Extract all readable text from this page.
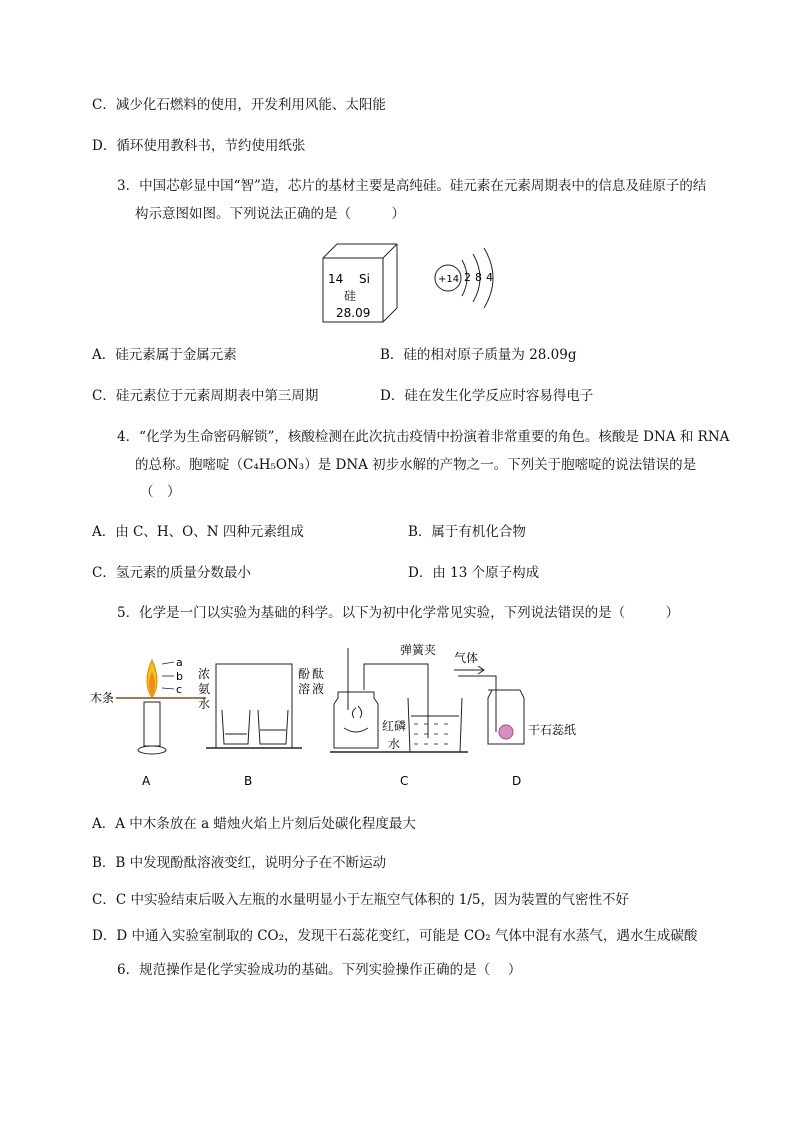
C．减少化石燃料的使用，开发利用风能、太阳能
D．循环使用教科书，节约使用纸张
3．中国芯彰显中国“智”造，芯片的基材主要是高纯硅。硅元素在元素周期表中的信息及硅原子的结
构示意图如图。下列说法正确的是（　　　）
14 Si
硅
28.09
+14 2 8 4
A．硅元素属于金属元素	B．硅的相对原子质量为 28.09g
C．硅元素位于元素周期表中第三周期	D．硅在发生化学反应时容易得电子
4．“化学为生命密码解锁”，核酸检测在此次抗击疫情中扮演着非常重要的角色。核酸是 DNA 和 RNA
的总称。胞嘧啶（C₄H₅ON₃）是 DNA 初步水解的产物之一。下列关于胞嘧啶的说法错误的是
（　）
A．由 C、H、O、N 四种元素组成	B．属于有机化合物
C．氢元素的质量分数最小	D．由 13 个原子构成
5．化学是一门以实验为基础的科学。以下为初中化学常见实验，下列说法错误的是（　　　）
a
b
c
木条
A
浓氨水
酚 酞溶 液
B
弹簧夹
红磷
水
C
气体
干石蕊纸
D
A．A 中木条放在 a 蜡烛火焰上片刻后处碳化程度最大
B．B 中发现酚酞溶液变红，说明分子在不断运动
C．C 中实验结束后吸入左瓶的水量明显小于左瓶空气体积的 1/5，因为装置的气密性不好
D．D 中通入实验室制取的 CO₂，发现干石蕊花变红，可能是 CO₂ 气体中混有水蒸气，遇水生成碳酸
6．规范操作是化学实验成功的基础。下列实验操作正确的是（　 ）
